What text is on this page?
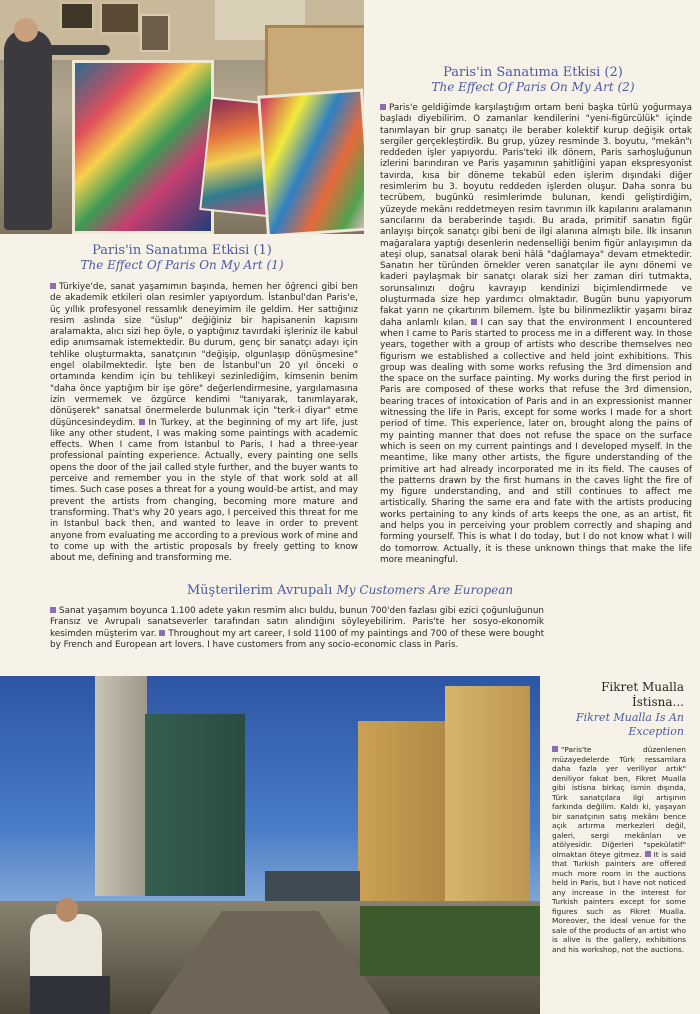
Paris'in Sanatıma Etkisi (1)
The Effect Of Paris On My Art (1)

Türkiye'de, sanat yaşamımın başında, hemen her öğrenci gibi ben de akademik etkileri olan resimler yapıyordum. İstanbul'dan Paris'e, üç yıllık profesyonel ressamlık deneyimim ile geldim. Her sattığınız resim aslında size "üslup" değiğiniz bir hapisanenin kapısını aralamakta, alıcı sizi hep öyle, o yaptığınız tavırdaki işleriniz ile kabul edip anımsamak istemektedir. Bu durum, genç bir sanatçı adayı için tehlike oluşturmakta, sanatçının "değişip, olgunlaşıp dönüşmesine" engel olabilmektedir. İşte ben de İstanbul'un 20 yıl önceki o ortamında kendim için bu tehlikeyi sezinlediğim, kimsenin benim "daha önce yaptığım bir işe göre" değerlendirmesine, yargılamasına izin vermemek ve özgürce kendimi "tanıyarak, tanımlayarak, dönüşerek" sanatsal önermelerde bulunmak için "terk-i diyar" etme düşüncesindeydim. In Turkey, at the beginning of my art life, just like any other student, I was making some paintings with academic effects. When I came from Istanbul to Paris, I had a three-year professional painting experience. Actually, every painting one sells opens the door of the jail called style further, and the buyer wants to perceive and remember you in the style of that work sold at all times. Such case poses a threat for a young would-be artist, and may prevent the artists from changing, becoming more mature and transforming. That's why 20 years ago, I perceived this threat for me in Istanbul back then, and wanted to leave in order to prevent anyone from evaluating me according to a previous work of mine and to come up with the artistic proposals by freely getting to know about me, defining and transforming me.

Paris'in Sanatıma Etkisi (2)
The Effect Of Paris On My Art (2)

Paris'e geldiğimde karşılaştığım ortam beni başka türlü yoğurmaya başladı diyebilirim. O zamanlar kendilerini "yeni-figürcülük" içinde tanımlayan bir grup sanatçı ile beraber kolektif kurup değişik ortak sergiler gerçekleştirdik. Bu grup, yüzey resminde 3. boyutu, "mekân"ı reddeden işler yapıyordu. Paris'teki ilk dönem, Paris sarhoşluğunun izlerini barındıran ve Paris yaşamının şahitliğini yapan ekspresyonist tavırda, kısa bir döneme tekabül eden işlerim dışındaki diğer resimlerim bu 3. boyutu reddeden işlerden oluşur. Daha sonra bu tecrübem, bugünkü resimlerimde bulunan, kendi geliştirdiğim, yüzeyde mekânı reddetmeyen resim tavrımın ilk kapılarını aralamanın sancılarını da beraberinde taşıdı. Bu arada, primitif sanatın figür anlayışı birçok sanatçı gibi beni de ilgi alanına almıştı bile. İlk insanın mağaralara yaptığı desenlerin nedenselliği benim figür anlayışımın da ateşi olup, sanatsal olarak beni hâlâ "dağlamaya" devam etmektedir. Sanatın her türünden örnekler veren sanatçılar ile aynı dönemi ve kaderi paylaşmak bir sanatçı olarak sizi her zaman diri tutmakta, sorunsalınızı doğru kavrayıp kendinizi biçimlendirmede ve oluşturmada size hep yardımcı olmaktadır. Bugün bunu yapıyorum fakat yarın ne çıkartırım bilemem. İşte bu bilinmezliktir yaşamı biraz daha anlamlı kılan. I can say that the environment I encountered when I came to Paris started to process me in a different way. In those years, together with a group of artists who describe themselves neo figurism we established a collective and held joint exhibitions. This group was dealing with some works refusing the 3rd dimension and the space on the surface painting. My works during the first period in Paris are composed of these works that refuse the 3rd dimension, bearing traces of intoxication of Paris and in an expressionist manner witnessing the life in Paris, except for some works I made for a short period of time. This experience, later on, brought along the pains of my painting manner that does not refuse the space on the surface which is seen on my current paintings and I developed myself. In the meantime, like many other artists, the figure understanding of the primitive art had already incorporated me in its field. The causes of the patterns drawn by the first humans in the caves light the fire of my figure understanding, and and still continues to affect me artistically. Sharing the same era and fate with the artists producing works pertaining to any kinds of arts keeps the one, as an artist, fit and helps you in perceiving your problem correctly and shaping and forming yourself. This is what I do today, but I do not know what I will do tomorrow. Actually, it is these unknown things that make the life more meaningful.

Müşterilerim Avrupalı My Customers Are European

Sanat yaşamım boyunca 1.100 adete yakın resmim alıcı buldu, bunun 700'den fazlası gibi ezici çoğunluğunun Fransız ve Avrupalı sanatseverler tarafından satın alındığını söyleyebilirim. Paris'te her sosyo-ekonomik kesimden müşterim var. Throughout my art career, I sold 1100 of my paintings and 700 of these were bought by French and European art lovers. I have customers from any socio-economic class in Paris.

Fikret Mualla
İstisna...
Fikret Mualla Is An
Exception

"Paris'te düzenlenen müzayedelerde Türk ressamlara daha fazla yer veriliyor artık" deniliyor fakat ben, Fikret Mualla gibi istisna birkaç ismin dışında, Türk sanatçılara ilgi artışının farkında değilim. Kaldı ki, yaşayan bir sanatçının satış mekânı bence açık artırma merkezleri değil, galeri, sergi mekânları ve atölyesidir. Diğerleri "spekülatif" olmaktan öteye gitmez. It is said that Turkish painters are offered much more room in the auctions held in Paris, but I have not noticed any increase in the interest for Turkish painters except for some figures such as Fikret Mualla. Moreover, the ideal venue for the sale of the products of an artist who is alive is the gallery, exhibitions and his workshop, not the auctions.
